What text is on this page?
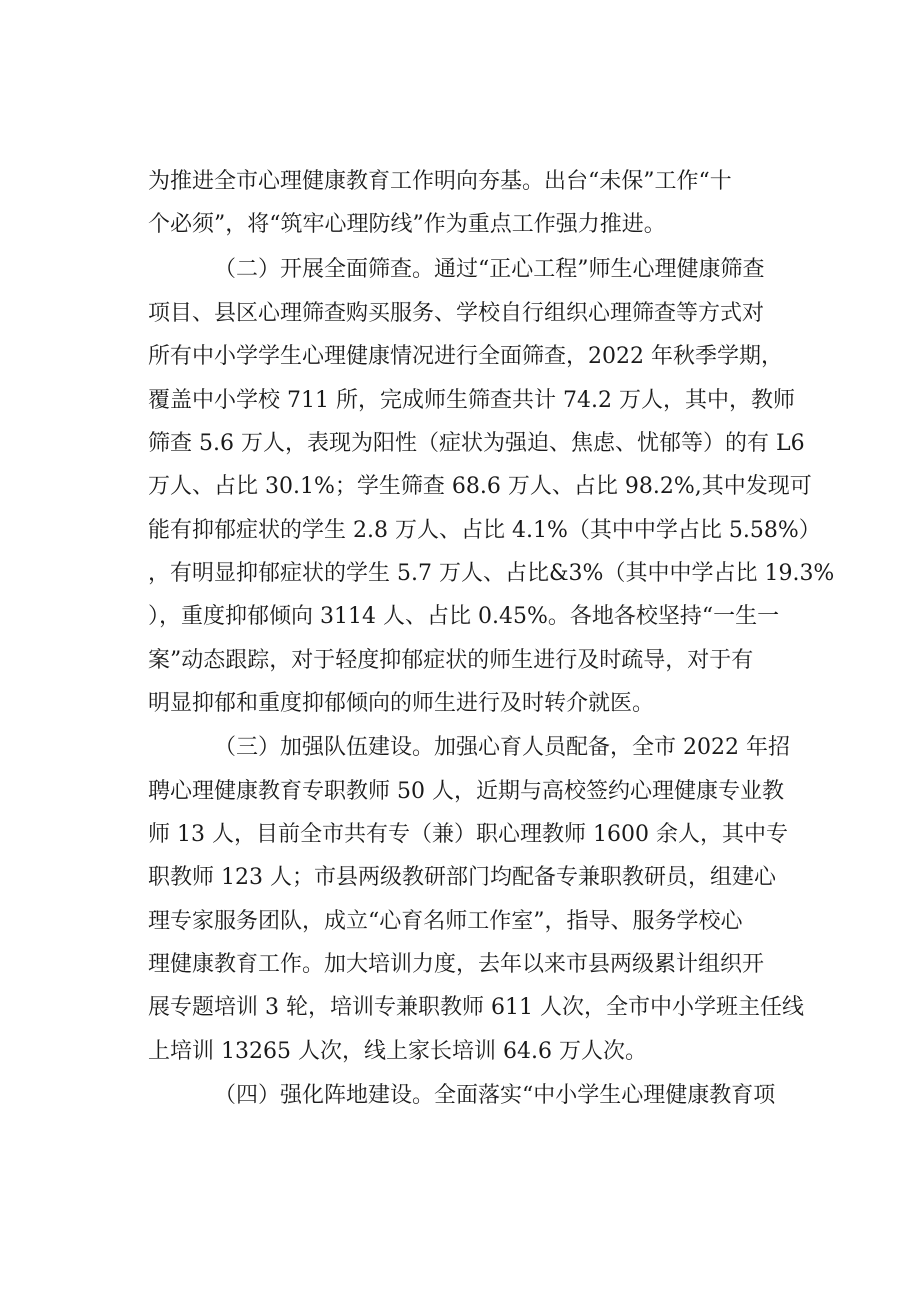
为推进全市心理健康教育工作明向夯基。出台“未保”工作“十
个必须”，将“筑牢心理防线”作为重点工作强力推进。
（二）开展全面筛查。通过“正心工程”师生心理健康筛查
项目、县区心理筛查购买服务、学校自行组织心理筛查等方式对
所有中小学学生心理健康情况进行全面筛查，2022 年秋季学期，
覆盖中小学校 711 所，完成师生筛查共计 74.2 万人，其中，教师
筛查 5.6 万人，表现为阳性（症状为强迫、焦虑、忧郁等）的有 L6
万人、占比 30.1%；学生筛查 68.6 万人、占比 98.2%,其中发现可
能有抑郁症状的学生 2.8 万人、占比 4.1%（其中中学占比 5.58%）
，有明显抑郁症状的学生 5.7 万人、占比&3%（其中中学占比 19.3%
），重度抑郁倾向 3114 人、占比 0.45%。各地各校坚持“一生一
案”动态跟踪，对于轻度抑郁症状的师生进行及时疏导，对于有
明显抑郁和重度抑郁倾向的师生进行及时转介就医。
（三）加强队伍建设。加强心育人员配备，全市 2022 年招
聘心理健康教育专职教师 50 人，近期与高校签约心理健康专业教
师 13 人，目前全市共有专（兼）职心理教师 1600 余人，其中专
职教师 123 人；市县两级教研部门均配备专兼职教研员，组建心
理专家服务团队，成立“心育名师工作室”，指导、服务学校心
理健康教育工作。加大培训力度，去年以来市县两级累计组织开
展专题培训 3 轮，培训专兼职教师 611 人次，全市中小学班主任线
上培训 13265 人次，线上家长培训 64.6 万人次。
（四）强化阵地建设。全面落实“中小学生心理健康教育项
